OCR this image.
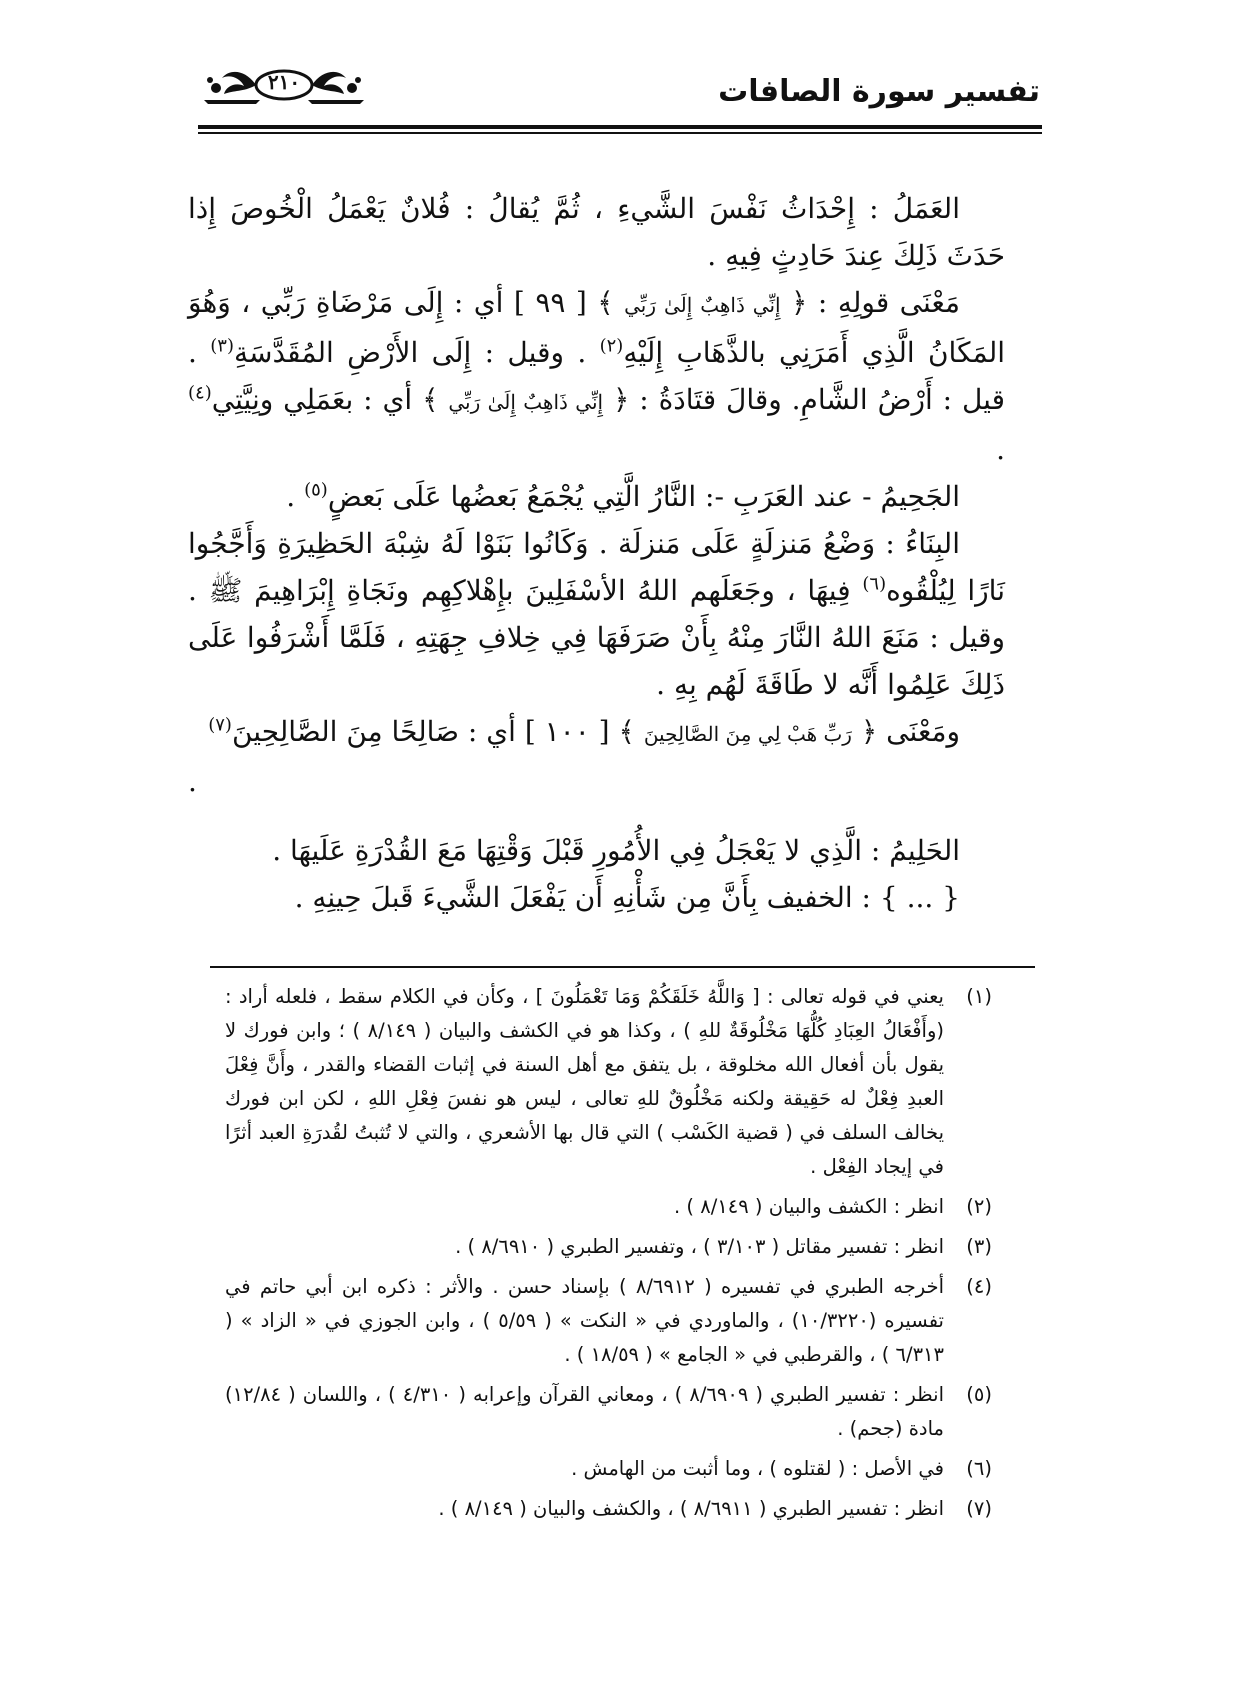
تفسير سورة الصافات
٢١٠

العَمَلُ : إِحْدَاثُ نَفْسَ الشَّيءِ ، ثُمَّ يُقالُ : فُلانٌ يَعْمَلُ الْخُوصَ إِذا حَدَثَ ذَلِكَ عِندَ حَادِثٍ فِيهِ .

مَعْنَى قولِهِ : ﴿ إِنِّي ذَاهِبٌ إِلَىٰ رَبِّي ﴾ [ ٩٩ ] أي : إِلَى مَرْضَاةِ رَبِّي ، وَهُوَ المَكَانُ الَّذِي أَمَرَنِي بالذَّهَابِ إِلَيْهِ$^{(٢)}$ . وقيل : إِلَى الأَرْضِ المُقَدَّسَةِ$^{(٣)}$ . قيل : أَرْضُ الشَّامِ. وقالَ قتَادَةُ : ﴿ إِنِّي ذَاهِبٌ إِلَىٰ رَبِّي ﴾ أي : بعَمَلِي ونِيَّتِي$^{(٤)}$ .

الجَحِيمُ - عند العَرَبِ -: النَّارُ الَّتِي يُجْمَعُ بَعضُها عَلَى بَعضٍ$^{(٥)}$ .

البِنَاءُ : وَضْعُ مَنزلَةٍ عَلَى مَنزلَة . وَكَانُوا بَنَوْا لَهُ شِبْهَ الحَظِيرَةِ وَأَجَّجُوا نَارًا لِيُلْقُوه$^{(٦)}$ فِيهَا ، وجَعَلَهم اللهُ الأسْفَلِينَ بإِهْلاكِهِم ونَجَاةِ إِبْرَاهِيمَ ﷺ . وقيل : مَنَعَ اللهُ النَّارَ مِنْهُ بِأَنْ صَرَفَهَا فِي خِلافِ جِهَتِهِ ، فَلَمَّا أَشْرَفُوا عَلَى ذَلِكَ عَلِمُوا أَنَّه لا طَاقَةَ لَهُم بِهِ .

ومَعْنَى ﴿ رَبِّ هَبْ لِي مِنَ الصَّالِحِينَ ﴾ [ ١٠٠ ] أي : صَالِحًا مِنَ الصَّالِحِينَ$^{(٧)}$

.

الحَلِيمُ : الَّذِي لا يَعْجَلُ فِي الأُمُورِ قَبْلَ وَقْتِهَا مَعَ القُدْرَةِ عَلَيهَا .

{ ... } : الخفيف بِأَنَّ مِن شَأْنِهِ أَن يَفْعَلَ الشَّيءَ قَبلَ حِينِهِ .

(١)
يعني في قوله تعالى : [ وَاللَّهُ خَلَقَكُمْ وَمَا تَعْمَلُونَ ] ، وكأن في الكلام سقط ، فلعله أراد : (وأَفْعَالُ العِبَادِ كُلُّهَا مَخْلُوقَةٌ للهِ ) ، وكذا هو في الكشف والبيان ( ٨/١٤٩ ) ؛ وابن فورك لا يقول بأن أفعال الله مخلوقة ، بل يتفق مع أهل السنة في إثبات القضاء والقدر ، وأَنَّ فِعْلَ العبدِ فِعْلٌ له حَقِيقة ولكنه مَخْلُوقٌ للهِ تعالى ، ليس هو نفسَ فِعْلِ اللهِ ، لكن ابن فورك يخالف السلف في ( قضية الكَسْب ) التي قال بها الأشعري ، والتي لا تُثبتُ لقُدرَةِ العبد أثرًا في إيجاد الفِعْل .
(٢)
انظر : الكشف والبيان ( ٨/١٤٩ ) .
(٣)
انظر : تفسير مقاتل ( ٣/١٠٣ ) ، وتفسير الطبري ( ٨/٦٩١٠ ) .
(٤)
أخرجه الطبري في تفسيره ( ٨/٦٩١٢ ) بإسناد حسن . والأثر : ذكره ابن أبي حاتم في تفسيره (١٠/٣٢٢٠) ، والماوردي في « النكت » ( ٥/٥٩ ) ، وابن الجوزي في « الزاد » ( ٦/٣١٣ ) ، والقرطبي في « الجامع » ( ١٨/٥٩ ) .
(٥)
انظر : تفسير الطبري ( ٨/٦٩٠٩ ) ، ومعاني القرآن وإعرابه ( ٤/٣١٠ ) ، واللسان ( ١٢/٨٤) مادة (جحم) .
(٦)
في الأصل : ( لقتلوه ) ، وما أثبت من الهامش .
(٧)
انظر : تفسير الطبري ( ٨/٦٩١١ ) ، والكشف والبيان ( ٨/١٤٩ ) .
